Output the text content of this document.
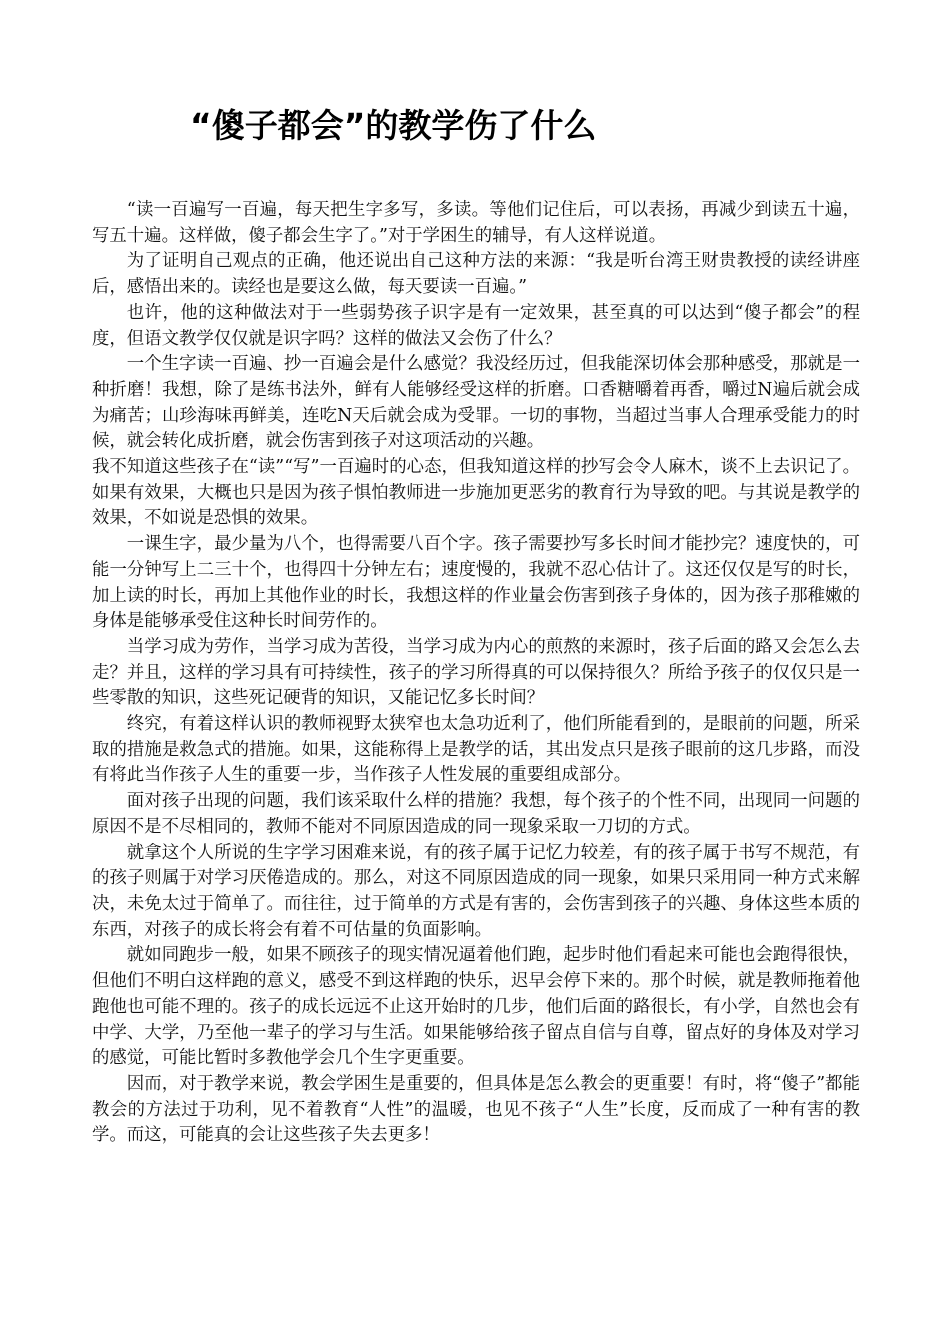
“傻子都会”的教学伤了什么

“读一百遍写一百遍，每天把生字多写，多读。等他们记住后，可以表扬，再减少到读五十遍，写五十遍。这样做，傻子都会生字了。”对于学困生的辅导，有人这样说道。

为了证明自己观点的正确，他还说出自己这种方法的来源：“我是听台湾王财贵教授的读经讲座后，感悟出来的。读经也是要这么做，每天要读一百遍。”

也许，他的这种做法对于一些弱势孩子识字是有一定效果，甚至真的可以达到“傻子都会”的程度，但语文教学仅仅就是识字吗？这样的做法又会伤了什么？

一个生字读一百遍、抄一百遍会是什么感觉？我没经历过，但我能深切体会那种感受，那就是一种折磨！我想，除了是练书法外，鲜有人能够经受这样的折磨。口香糖嚼着再香，嚼过N遍后就会成为痛苦；山珍海味再鲜美，连吃N天后就会成为受罪。一切的事物，当超过当事人合理承受能力的时候，就会转化成折磨，就会伤害到孩子对这项活动的兴趣。

我不知道这些孩子在“读”“写”一百遍时的心态，但我知道这样的抄写会令人麻木，谈不上去识记了。如果有效果，大概也只是因为孩子惧怕教师进一步施加更恶劣的教育行为导致的吧。与其说是教学的效果，不如说是恐惧的效果。

一课生字，最少量为八个，也得需要八百个字。孩子需要抄写多长时间才能抄完？速度快的，可能一分钟写上二三十个，也得四十分钟左右；速度慢的，我就不忍心估计了。这还仅仅是写的时长，加上读的时长，再加上其他作业的时长，我想这样的作业量会伤害到孩子身体的，因为孩子那稚嫩的身体是能够承受住这种长时间劳作的。

当学习成为劳作，当学习成为苦役，当学习成为内心的煎熬的来源时，孩子后面的路又会怎么去走？并且，这样的学习具有可持续性，孩子的学习所得真的可以保持很久？所给予孩子的仅仅只是一些零散的知识，这些死记硬背的知识，又能记忆多长时间？

终究，有着这样认识的教师视野太狭窄也太急功近利了，他们所能看到的，是眼前的问题，所采取的措施是救急式的措施。如果，这能称得上是教学的话，其出发点只是孩子眼前的这几步路，而没有将此当作孩子人生的重要一步，当作孩子人性发展的重要组成部分。

面对孩子出现的问题，我们该采取什么样的措施？我想，每个孩子的个性不同，出现同一问题的原因不是不尽相同的，教师不能对不同原因造成的同一现象采取一刀切的方式。

就拿这个人所说的生字学习困难来说，有的孩子属于记忆力较差，有的孩子属于书写不规范，有的孩子则属于对学习厌倦造成的。那么，对这不同原因造成的同一现象，如果只采用同一种方式来解决，未免太过于简单了。而往往，过于简单的方式是有害的，会伤害到孩子的兴趣、身体这些本质的东西，对孩子的成长将会有着不可估量的负面影响。

就如同跑步一般，如果不顾孩子的现实情况逼着他们跑，起步时他们看起来可能也会跑得很快，但他们不明白这样跑的意义，感受不到这样跑的快乐，迟早会停下来的。那个时候，就是教师拖着他跑他也可能不理的。孩子的成长远远不止这开始时的几步，他们后面的路很长，有小学，自然也会有中学、大学，乃至他一辈子的学习与生活。如果能够给孩子留点自信与自尊，留点好的身体及对学习的感觉，可能比暂时多教他学会几个生字更重要。

因而，对于教学来说，教会学困生是重要的，但具体是怎么教会的更重要！有时，将“傻子”都能教会的方法过于功利，见不着教育“人性”的温暖，也见不孩子“人生”长度，反而成了一种有害的教学。而这，可能真的会让这些孩子失去更多！
